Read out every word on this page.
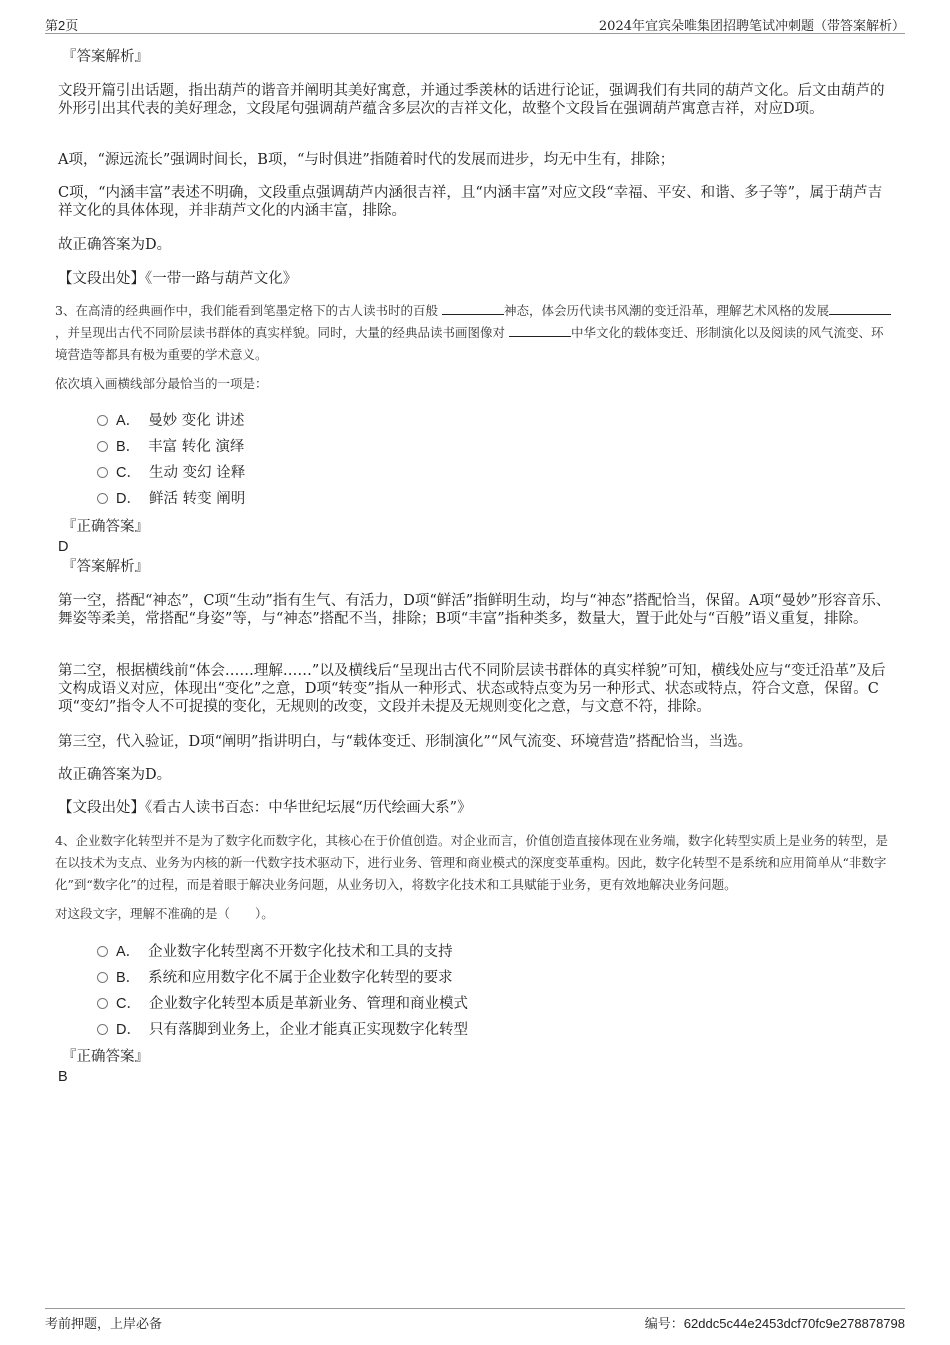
第2页	2024年宜宾朵唯集团招聘笔试冲刺题（带答案解析）
『答案解析』

文段开篇引出话题，指出葫芦的谐音并阐明其美好寓意，并通过季羡林的话进行论证，强调我们有共同的葫芦文化。后文由葫芦的外形引出其代表的美好理念，文段尾句强调葫芦蕴含多层次的吉祥文化，故整个文段旨在强调葫芦寓意吉祥，对应D项。

A项，“源远流长”强调时间长，B项，“与时俱进”指随着时代的发展而进步，均无中生有，排除；

C项，“内涵丰富”表述不明确，文段重点强调葫芦内涵很吉祥，且“内涵丰富”对应文段“幸福、平安、和谐、多子等”，属于葫芦吉祥文化的具体体现，并非葫芦文化的内涵丰富，排除。

故正确答案为D。

【文段出处】《一带一路与葫芦文化》

3、在高清的经典画作中，我们能看到笔墨定格下的古人读书时的百般	神态，体会历代读书风潮的变迁沿革，理解艺术风格的发展，并呈现出古代不同阶层读书群体的真实样貌。同时，大量的经典品读书画图像对	中华文化的载体变迁、形制演化以及阅读的风气流变、环境营造等都具有极为重要的学术意义。

依次填入画横线部分最恰当的一项是：

A． 曼妙 变化 讲述
B． 丰富 转化 演绎
C． 生动 变幻 诠释
D． 鲜活 转变 阐明
『正确答案』
D
『答案解析』

第一空，搭配“神态”，C项“生动”指有生气、有活力，D项“鲜活”指鲜明生动，均与“神态”搭配恰当，保留。A项“曼妙”形容音乐、舞姿等柔美，常搭配“身姿”等，与“神态”搭配不当，排除；B项“丰富”指种类多，数量大，置于此处与“百般”语义重复，排除。

第二空，根据横线前“体会……理解……”以及横线后“呈现出古代不同阶层读书群体的真实样貌”可知，横线处应与“变迁沿革”及后文构成语义对应，体现出“变化”之意，D项“转变”指从一种形式、状态或特点变为另一种形式、状态或特点，符合文意，保留。C项“变幻”指令人不可捉摸的变化，无规则的改变，文段并未提及无规则变化之意，与文意不符，排除。

第三空，代入验证，D项“阐明”指讲明白，与“载体变迁、形制演化”“风气流变、环境营造”搭配恰当，当选。

故正确答案为D。

【文段出处】《看古人读书百态：中华世纪坛展“历代绘画大系”》

4、企业数字化转型并不是为了数字化而数字化，其核心在于价值创造。对企业而言，价值创造直接体现在业务端，数字化转型实质上是业务的转型，是在以技术为支点、业务为内核的新一代数字技术驱动下，进行业务、管理和商业模式的深度变革重构。因此，数字化转型不是系统和应用简单从“非数字化”到“数字化”的过程，而是着眼于解决业务问题，从业务切入，将数字化技术和工具赋能于业务，更有效地解决业务问题。

对这段文字，理解不准确的是（　　）。

A． 企业数字化转型离不开数字化技术和工具的支持
B． 系统和应用数字化不属于企业数字化转型的要求
C． 企业数字化转型本质是革新业务、管理和商业模式
D． 只有落脚到业务上，企业才能真正实现数字化转型
『正确答案』
B
考前押题，上岸必备	编号：62ddc5c44e2453dcf70fc9e278878798
